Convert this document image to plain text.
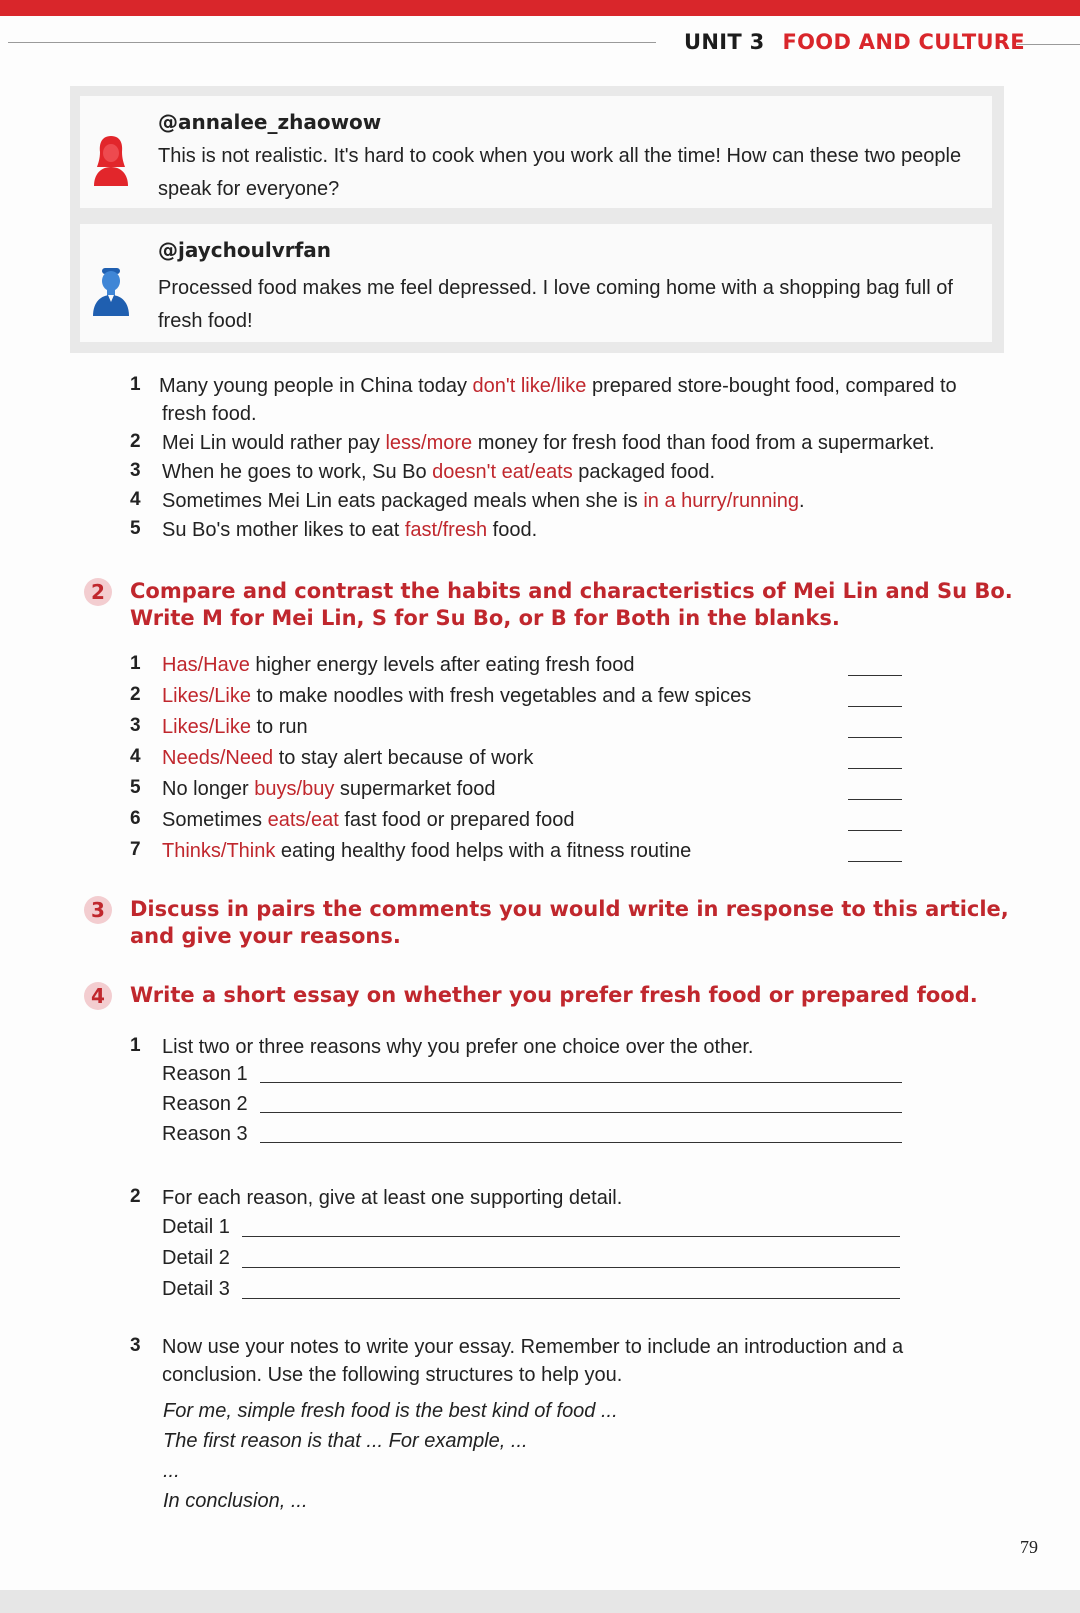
UNIT 3 FOOD AND CULTURE
@annalee_zhaowow
This is not realistic. It's hard to cook when you work all the time! How can these two people speak for everyone?
@jaychoulvrfan
Processed food makes me feel depressed. I love coming home with a shopping bag full of fresh food!
1 Many young people in China today don't like/like prepared store-bought food, compared to
fresh food.
2 Mei Lin would rather pay less/more money for fresh food than food from a supermarket.
3 When he goes to work, Su Bo doesn't eat/eats packaged food.
4 Sometimes Mei Lin eats packaged meals when she is in a hurry/running.
5 Su Bo's mother likes to eat fast/fresh food.
2	Compare and contrast the habits and characteristics of Mei Lin and Su Bo.
Write M for Mei Lin, S for Su Bo, or B for Both in the blanks.
1 Has/Have higher energy levels after eating fresh food
2 Likes/Like to make noodles with fresh vegetables and a few spices
3 Likes/Like to run
4 Needs/Need to stay alert because of work
5 No longer buys/buy supermarket food
6 Sometimes eats/eat fast food or prepared food
7 Thinks/Think eating healthy food helps with a fitness routine
3	Discuss in pairs the comments you would write in response to this article,
and give your reasons.
4	Write a short essay on whether you prefer fresh food or prepared food.
1 List two or three reasons why you prefer one choice over the other.
Reason 1
Reason 2
Reason 3
2 For each reason, give at least one supporting detail.
Detail 1
Detail 2
Detail 3
3 Now use your notes to write your essay. Remember to include an introduction and a
conclusion. Use the following structures to help you.
For me, simple fresh food is the best kind of food ...
The first reason is that ... For example, ...
...
In conclusion, ...
79
